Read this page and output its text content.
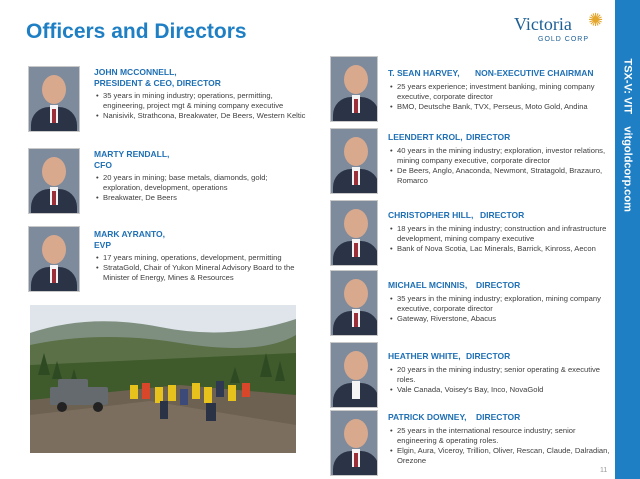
TSX-V: VIT    vitgoldcorp.com
Officers and Directors	Victoria
GOLD CORP
✺
JOHN MCCONNELL,
PRESIDENT & CEO, DIRECTOR
• 35 years in mining industry; operations, permitting, engineering, project mgt & mining company executive
• Nanisivik, Strathcona, Breakwater, De Beers, Western Keltic
MARTY RENDALL,
CFO
• 20 years in mining; base metals, diamonds, gold; exploration, development, operations
• Breakwater, De Beers
MARK AYRANTO,
EVP
• 17 years mining, operations, development, permitting
• StrataGold, Chair of Yukon Mineral Advisory Board to the Minister of Energy, Mines & Resources
T. SEAN HARVEY, NON-EXECUTIVE CHAIRMAN
• 25 years experience; investment banking, mining company executive, corporate director
• BMO, Deutsche Bank, TVX, Perseus, Moto Gold, Andina
LEENDERT KROL, DIRECTOR
• 40 years in the mining industry; exploration, investor relations, mining company executive, corporate director
• De Beers, Anglo, Anaconda, Newmont, Stratagold, Brazauro, Romarco
CHRISTOPHER HILL, DIRECTOR
• 18 years in the mining industry; construction and infrastructure development, mining company executive
• Bank of Nova Scotia, Lac Minerals, Barrick, Kinross, Aecon
MICHAEL MCINNIS, DIRECTOR
• 35 years in the mining industry; exploration, mining company executive, corporate director
• Gateway, Riverstone, Abacus
HEATHER WHITE, DIRECTOR
• 20 years in the mining industry; senior operating & executive roles.
• Vale Canada, Voisey's Bay, Inco, NovaGold
PATRICK DOWNEY, DIRECTOR
• 25 years in the international resource industry; senior engineering & operating roles.
• Elgin, Aura, Viceroy, Trillion, Oliver, Rescan, Claude, Dalradian, Orezone
11
